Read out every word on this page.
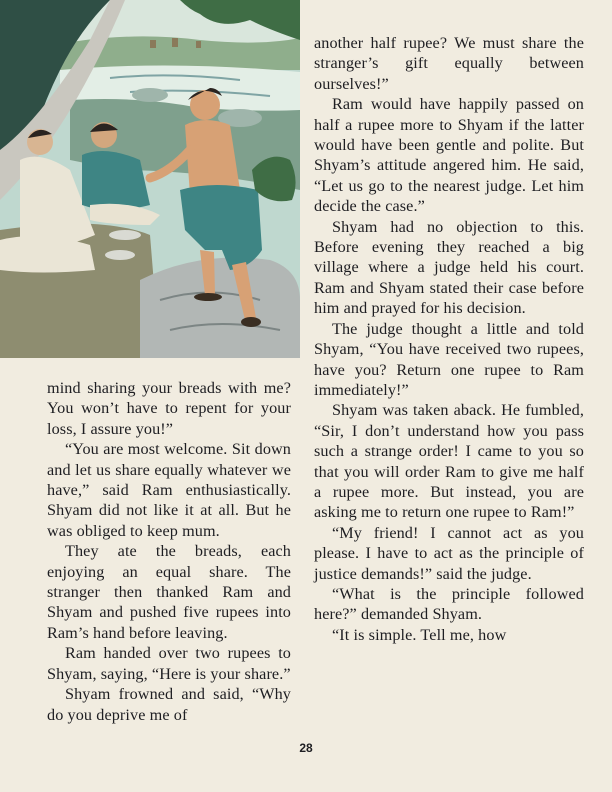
mind sharing your breads with me? You won’t have to repent for your loss, I assure you!”

“You are most welcome. Sit down and let us share equally whatever we have,” said Ram enthusiastically. Shyam did not like it at all. But he was obliged to keep mum.

They ate the breads, each enjoying an equal share. The stranger then thanked Ram and Shyam and pushed five rupees into Ram’s hand before leaving.

Ram handed over two rupees to Shyam, saying, “Here is your share.”

Shyam frowned and said, “Why do you deprive me of

another half rupee? We must share the stranger’s gift equally between ourselves!”

Ram would have happily passed on half a rupee more to Shyam if the latter would have been gentle and polite. But Shyam’s attitude angered him. He said, “Let us go to the nearest judge. Let him decide the case.”

Shyam had no objection to this. Before evening they reached a big village where a judge held his court. Ram and Shyam stated their case before him and prayed for his decision.

The judge thought a little and told Shyam, “You have received two rupees, have you? Return one rupee to Ram immediately!”

Shyam was taken aback. He fumbled, “Sir, I don’t understand how you pass such a strange order! I came to you so that you will order Ram to give me half a rupee more. But instead, you are asking me to return one rupee to Ram!”

“My friend! I cannot act as you please. I have to act as the principle of justice demands!” said the judge.

“What is the principle followed here?” demanded Shyam.

“It is simple. Tell me, how

28
